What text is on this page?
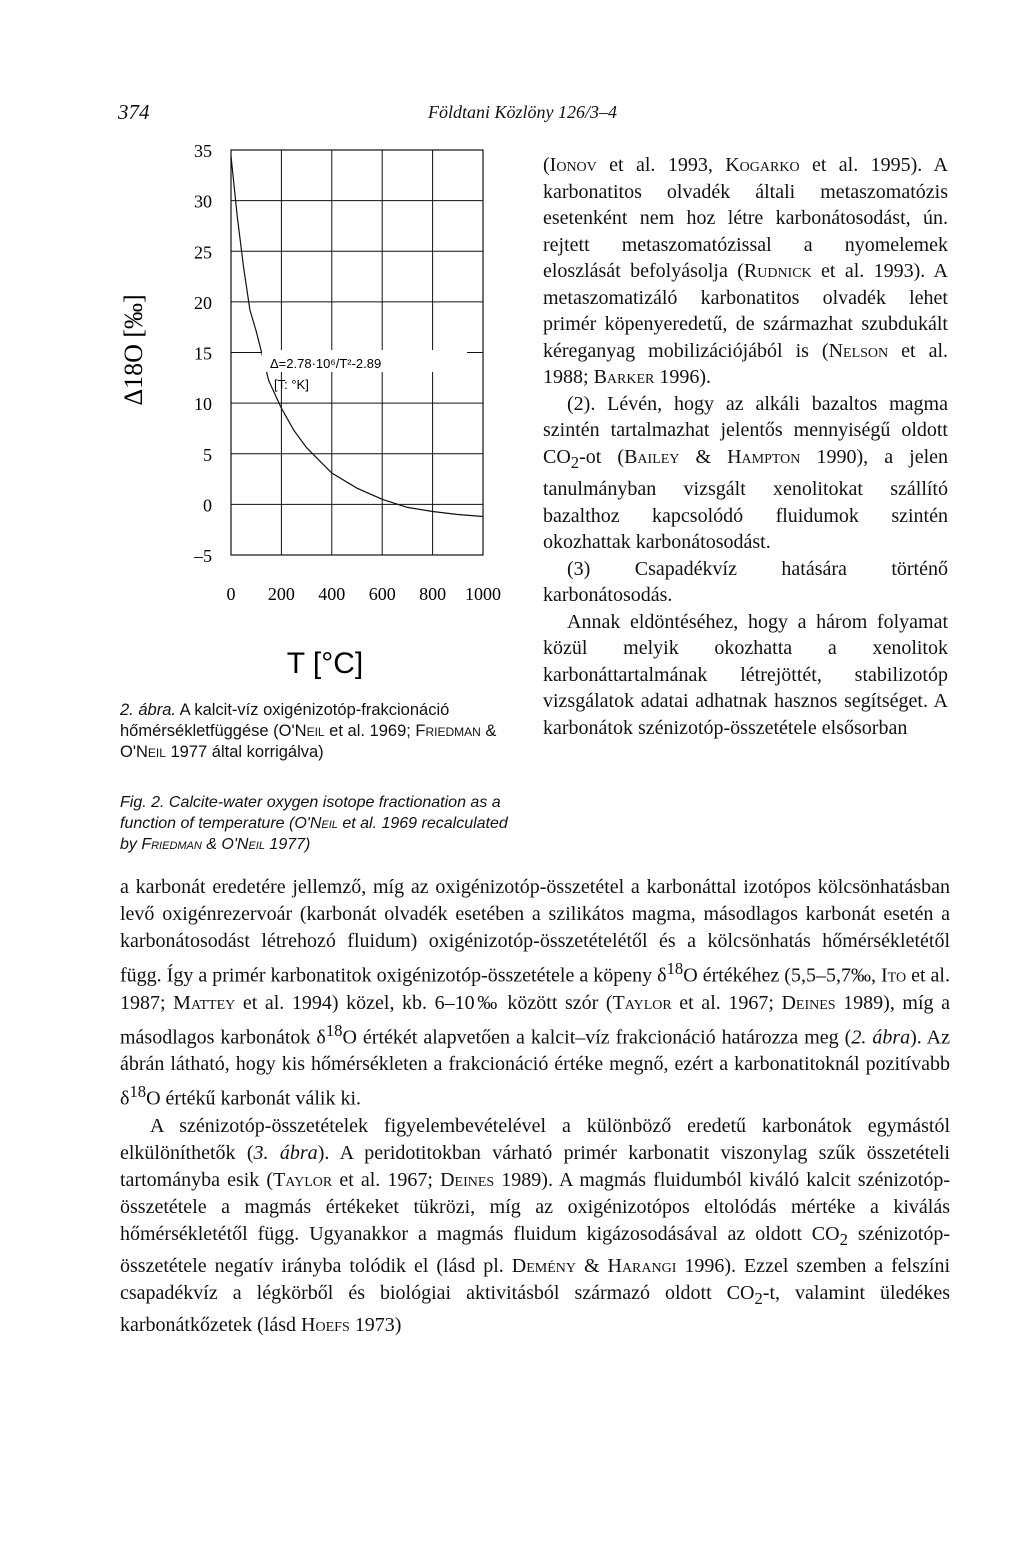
374	Földtani Közlöny 126/3–4
35
30
25
20
15
10
5
0
–5
0 200 400 600 800 1000
Δ=2.78·10⁶/T²-2.89
[T: °K]
Δ18O [‰]
T [°C]
2. ábra. A kalcit-víz oxigénizotóp-frakcionáció hőmérsékletfüggése (O'Neil et al. 1969; Friedman & O'Neil 1977 által korrigálva)
Fig. 2. Calcite-water oxygen isotope fractionation as a function of temperature (O'Neil et al. 1969 recalculated by Friedman & O'Neil 1977)

(Ionov et al. 1993, Kogarko et al. 1995). A karbonatitos olvadék általi metaszomatózis esetenként nem hoz létre karbonátosodást, ún. rejtett metaszomatózissal a nyomelemek eloszlását befolyásolja (Rudnick et al. 1993). A metaszomatizáló karbonatitos olvadék lehet primér köpenyeredetű, de származhat szubdukált kéreganyag mobilizációjából is (Nelson et al. 1988; Barker 1996).

(2). Lévén, hogy az alkáli bazaltos magma szintén tartalmazhat jelentős mennyiségű oldott $CO_2-ot$ (Bailey & Hampton 1990), a jelen tanulmányban vizsgált xenolitokat szállító bazalthoz kapcsolódó fluidumok szintén okozhattak karbonátosodást.

(3) Csapadékvíz hatására történő karbonátosodás.

Annak eldöntéséhez, hogy a három folyamat közül melyik okozhatta a xenolitok karbonáttartalmának létrejöttét, stabilizotóp vizsgálatok adatai adhatnak hasznos segítséget. A karbonátok szénizotóp-összetétele elsősorban

a karbonát eredetére jellemző, míg az oxigénizotóp-összetétel a karbonáttal izotópos kölcsönhatásban levő oxigénrezervoár (karbonát olvadék esetében a szilikátos magma, másodlagos karbonát esetén a karbonátosodást létrehozó fluidum) oxigénizotóp-összetételétől és a kölcsönhatás hőmérsékletétől függ. Így a primér karbonatitok oxigénizotóp-összetétele a köpeny $\delta^{18}O$ értékéhez (5,5–5,7‰, Ito et al. 1987; Mattey et al. 1994) közel, kb. 6–10‰ között szór (Taylor et al. 1967; Deines 1989), míg a másodlagos karbonátok $\delta^{18}O$ értékét alapvetően a kalcit–víz frakcionáció határozza meg (2. ábra). Az ábrán látható, hogy kis hőmérsékleten a frakcionáció értéke megnő, ezért a karbonatitoknál pozitívabb $\delta^{18}O$ értékű karbonát válik ki.

A szénizotóp-összetételek figyelembevételével a különböző eredetű karbonátok egymástól elkülöníthetők (3. ábra). A peridotitokban várható primér karbonatit viszonylag szűk összetételi tartományba esik (Taylor et al. 1967; Deines 1989). A magmás fluidumból kiváló kalcit szénizotóp-összetétele a magmás értékeket tükrözi, míg az oxigénizotópos eltolódás mértéke a kiválás hőmérsékletétől függ. Ugyanakkor a magmás fluidum kigázosodásával az oldott $CO_2$ szénizotóp-összetétele negatív irányba tolódik el (lásd pl. Demény & Harangi 1996). Ezzel szemben a felszíni csapadékvíz a légkörből és biológiai aktivitásból származó oldott $CO_2-t$, valamint üledékes karbonátkőzetek (lásd Hoefs 1973)
